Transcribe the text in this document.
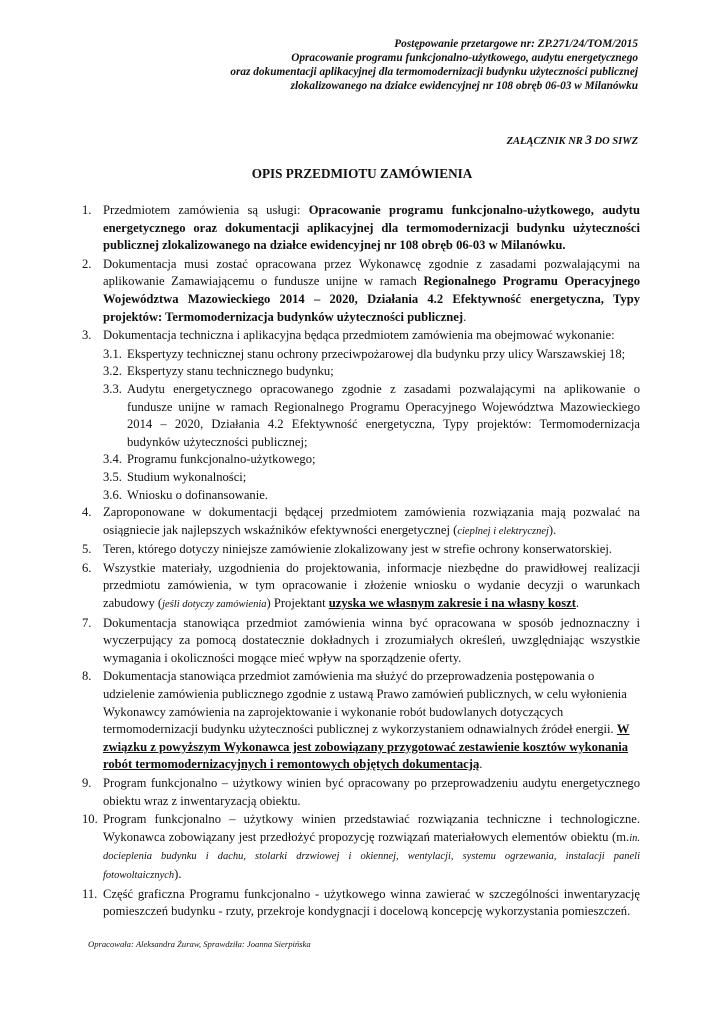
Postępowanie przetargowe nr: ZP.271/24/TOM/2015
Opracowanie programu funkcjonalno-użytkowego, audytu energetycznego
oraz dokumentacji aplikacyjnej dla termomodernizacji budynku użyteczności publicznej
zlokalizowanego na działce ewidencyjnej nr 108 obręb 06-03 w Milanówku
ZAŁĄCZNIK NR 3 DO SIWZ
OPIS PRZEDMIOTU ZAMÓWIENIA
1. Przedmiotem zamówienia są usługi: Opracowanie programu funkcjonalno-użytkowego, audytu energetycznego oraz dokumentacji aplikacyjnej dla termomodernizacji budynku użyteczności publicznej zlokalizowanego na działce ewidencyjnej nr 108 obręb 06-03 w Milanówku.
2. Dokumentacja musi zostać opracowana przez Wykonawcę zgodnie z zasadami pozwalającymi na aplikowanie Zamawiającemu o fundusze unijne w ramach Regionalnego Programu Operacyjnego Województwa Mazowieckiego 2014 – 2020, Działania 4.2 Efektywność energetyczna, Typy projektów: Termomodernizacja budynków użyteczności publicznej.
3. Dokumentacja techniczna i aplikacyjna będąca przedmiotem zamówienia ma obejmować wykonanie:
3.1. Ekspertyzy technicznej stanu ochrony przeciwpożarowej dla budynku przy ulicy Warszawskiej 18;
3.2. Ekspertyzy stanu technicznego budynku;
3.3. Audytu energetycznego opracowanego zgodnie z zasadami pozwalającymi na aplikowanie o fundusze unijne w ramach Regionalnego Programu Operacyjnego Województwa Mazowieckiego 2014 – 2020, Działania 4.2 Efektywność energetyczna, Typy projektów: Termomodernizacja budynków użyteczności publicznej;
3.4. Programu funkcjonalno-użytkowego;
3.5. Studium wykonalności;
3.6. Wniosku o dofinansowanie.
4. Zaproponowane w dokumentacji będącej przedmiotem zamówienia rozwiązania mają pozwalać na osiągniecie jak najlepszych wskaźników efektywności energetycznej (cieplnej i elektrycznej).
5. Teren, którego dotyczy niniejsze zamówienie zlokalizowany jest w strefie ochrony konserwatorskiej.
6. Wszystkie materiały, uzgodnienia do projektowania, informacje niezbędne do prawidłowej realizacji przedmiotu zamówienia, w tym opracowanie i złożenie wniosku o wydanie decyzji o warunkach zabudowy (jeśli dotyczy zamówienia) Projektant uzyska we własnym zakresie i na własny koszt.
7. Dokumentacja stanowiąca przedmiot zamówienia winna być opracowana w sposób jednoznaczny i wyczerpujący za pomocą dostatecznie dokładnych i zrozumiałych określeń, uwzględniając wszystkie wymagania i okoliczności mogące mieć wpływ na sporządzenie oferty.
8. Dokumentacja stanowiąca przedmiot zamówienia ma służyć do przeprowadzenia postępowania o udzielenie zamówienia publicznego zgodnie z ustawą Prawo zamówień publicznych, w celu wyłonienia Wykonawcy zamówienia na zaprojektowanie i wykonanie robót budowlanych dotyczących termomodernizacji budynku użyteczności publicznej z wykorzystaniem odnawialnych źródeł energii. W związku z powyższym Wykonawca jest zobowiązany przygotować zestawienie kosztów wykonania robót termomodernizacyjnych i remontowych objętych dokumentacją.
9. Program funkcjonalno – użytkowy winien być opracowany po przeprowadzeniu audytu energetycznego obiektu wraz z inwentaryzacją obiektu.
10. Program funkcjonalno – użytkowy winien przedstawiać rozwiązania techniczne i technologiczne. Wykonawca zobowiązany jest przedłożyć propozycję rozwiązań materiałowych elementów obiektu (m.in. docieplenia budynku i dachu, stolarki drzwiowej i okiennej, wentylacji, systemu ogrzewania, instalacji paneli fotowoltaicznych).
11. Część graficzna Programu funkcjonalno - użytkowego winna zawierać w szczególności inwentaryzację pomieszczeń budynku - rzuty, przekroje kondygnacji i docelową koncepcję wykorzystania pomieszczeń.
Opracowała: Aleksandra Żuraw, Sprawdziła: Joanna Sierpińska
